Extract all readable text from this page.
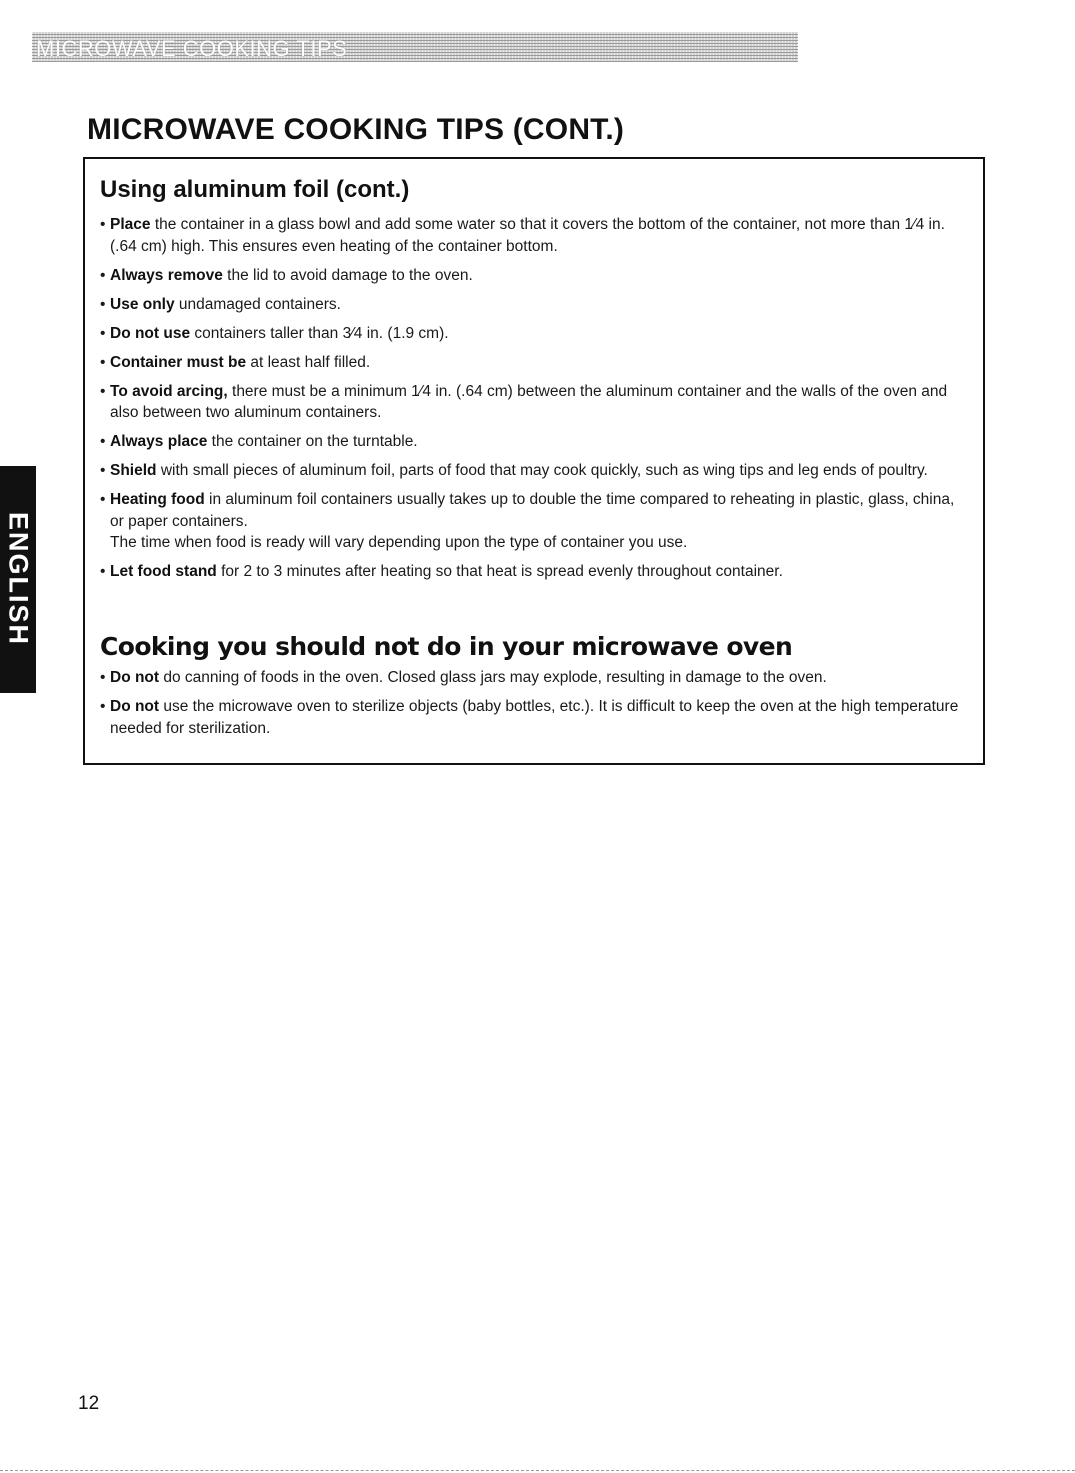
MICROWAVE COOKING TIPS
MICROWAVE COOKING TIPS (CONT.)
Using aluminum foil (cont.)
• Place the container in a glass bowl and add some water so that it covers the bottom of the container, not more than 1⁄4 in. (.64 cm) high. This ensures even heating of the container bottom.
• Always remove the lid to avoid damage to the oven.
• Use only undamaged containers.
• Do not use containers taller than 3⁄4 in. (1.9 cm).
• Container must be at least half filled.
• To avoid arcing, there must be a minimum 1⁄4 in. (.64 cm) between the aluminum container and the walls of the oven and also between two aluminum containers.
• Always place the container on the turntable.
• Shield with small pieces of aluminum foil, parts of food that may cook quickly, such as wing tips and leg ends of poultry.
• Heating food in aluminum foil containers usually takes up to double the time compared to reheating in plastic, glass, china, or paper containers.
The time when food is ready will vary depending upon the type of container you use.
• Let food stand for 2 to 3 minutes after heating so that heat is spread evenly throughout container.
Cooking you should not do in your microwave oven
• Do not do canning of foods in the oven. Closed glass jars may explode, resulting in damage to the oven.
• Do not use the microwave oven to sterilize objects (baby bottles, etc.). It is difficult to keep the oven at the high temperature needed for sterilization.
ENGLISH
12
